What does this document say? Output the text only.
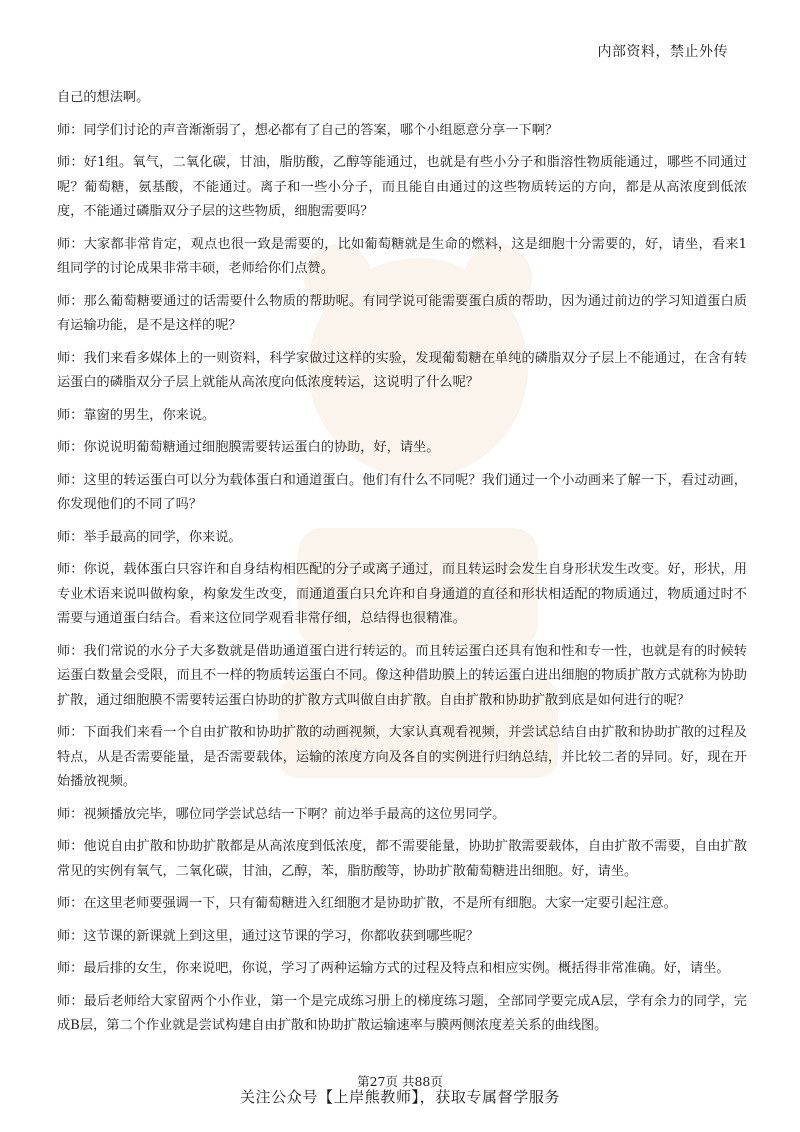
内部资料，禁止外传

自己的想法啊。

师：同学们讨论的声音渐渐弱了，想必都有了自己的答案，哪个小组愿意分享一下啊？

师：好1组。氧气，二氧化碳，甘油，脂肪酸，乙醇等能通过，也就是有些小分子和脂溶性物质能通过，哪些不同通过呢？葡萄糖，氨基酸，不能通过。离子和一些小分子，而且能自由通过的这些物质转运的方向，都是从高浓度到低浓度，不能通过磷脂双分子层的这些物质，细胞需要吗？

师：大家都非常肯定，观点也很一致是需要的，比如葡萄糖就是生命的燃料，这是细胞十分需要的，好，请坐，看来1组同学的讨论成果非常丰硕，老师给你们点赞。

师：那么葡萄糖要通过的话需要什么物质的帮助呢。有同学说可能需要蛋白质的帮助，因为通过前边的学习知道蛋白质有运输功能，是不是这样的呢？

师：我们来看多媒体上的一则资料，科学家做过这样的实验，发现葡萄糖在单纯的磷脂双分子层上不能通过，在含有转运蛋白的磷脂双分子层上就能从高浓度向低浓度转运，这说明了什么呢？

师：靠窗的男生，你来说。

师：你说说明葡萄糖通过细胞膜需要转运蛋白的协助，好，请坐。

师：这里的转运蛋白可以分为载体蛋白和通道蛋白。他们有什么不同呢？我们通过一个小动画来了解一下，看过动画，你发现他们的不同了吗？

师：举手最高的同学，你来说。

师：你说，载体蛋白只容许和自身结构相匹配的分子或离子通过，而且转运时会发生自身形状发生改变。好，形状，用专业术语来说叫做构象，构象发生改变，而通道蛋白只允许和自身通道的直径和形状相适配的物质通过，物质通过时不需要与通道蛋白结合。看来这位同学观看非常仔细，总结得也很精准。

师：我们常说的水分子大多数就是借助通道蛋白进行转运的。而且转运蛋白还具有饱和性和专一性，也就是有的时候转运蛋白数量会受限，而且不一样的物质转运蛋白不同。像这种借助膜上的转运蛋白进出细胞的物质扩散方式就称为协助扩散，通过细胞膜不需要转运蛋白协助的扩散方式叫做自由扩散。自由扩散和协助扩散到底是如何进行的呢？

师：下面我们来看一个自由扩散和协助扩散的动画视频，大家认真观看视频，并尝试总结自由扩散和协助扩散的过程及特点，从是否需要能量，是否需要载体，运输的浓度方向及各自的实例进行归纳总结，并比较二者的异同。好，现在开始播放视频。

师：视频播放完毕，哪位同学尝试总结一下啊？前边举手最高的这位男同学。

师：他说自由扩散和协助扩散都是从高浓度到低浓度，都不需要能量，协助扩散需要载体，自由扩散不需要，自由扩散常见的实例有氧气，二氧化碳，甘油，乙醇，苯，脂肪酸等，协助扩散葡萄糖进出细胞。好，请坐。

师：在这里老师要强调一下，只有葡萄糖进入红细胞才是协助扩散，不是所有细胞。大家一定要引起注意。

师：这节课的新课就上到这里，通过这节课的学习，你都收获到哪些呢？

师：最后排的女生，你来说吧，你说，学习了两种运输方式的过程及特点和相应实例。概括得非常准确。好，请坐。

师：最后老师给大家留两个小作业，第一个是完成练习册上的梯度练习题，全部同学要完成A层，学有余力的同学，完成B层，第二个作业就是尝试构建自由扩散和协助扩散运输速率与膜两侧浓度差关系的曲线图。

第27页 共88页
关注公众号【上岸熊教师】，获取专属督学服务
